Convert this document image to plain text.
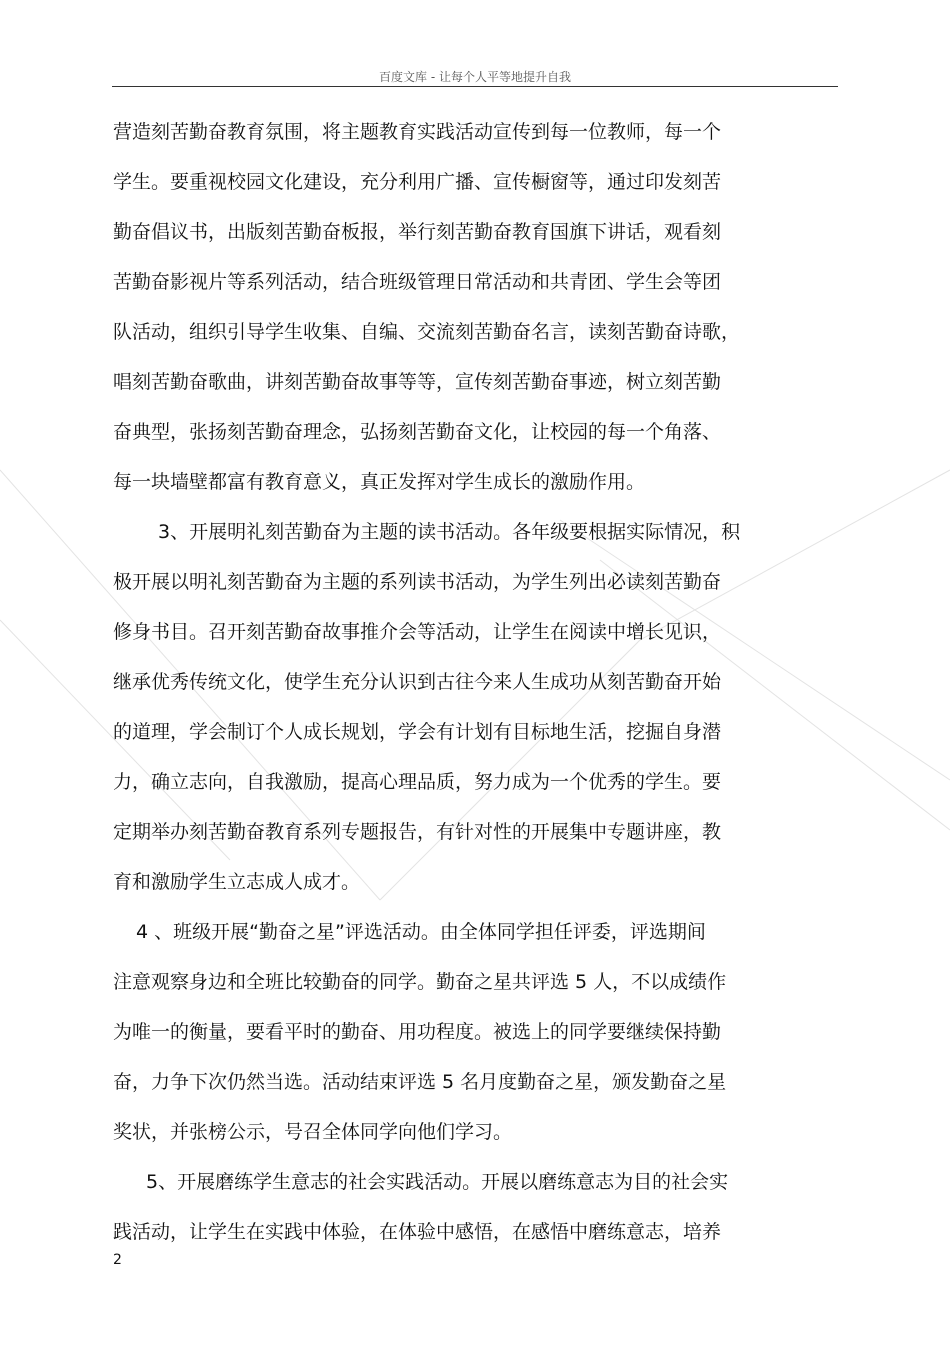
百度文库 - 让每个人平等地提升自我
营造刻苦勤奋教育氛围，将主题教育实践活动宣传到每一位教师，每一个
学生。要重视校园文化建设，充分利用广播、宣传橱窗等，通过印发刻苦
勤奋倡议书，出版刻苦勤奋板报，举行刻苦勤奋教育国旗下讲话，观看刻
苦勤奋影视片等系列活动，结合班级管理日常活动和共青团、学生会等团
队活动，组织引导学生收集、自编、交流刻苦勤奋名言，读刻苦勤奋诗歌，
唱刻苦勤奋歌曲，讲刻苦勤奋故事等等，宣传刻苦勤奋事迹，树立刻苦勤
奋典型，张扬刻苦勤奋理念，弘扬刻苦勤奋文化，让校园的每一个角落、
每一块墙壁都富有教育意义，真正发挥对学生成长的激励作用。
3、开展明礼刻苦勤奋为主题的读书活动。各年级要根据实际情况，积
极开展以明礼刻苦勤奋为主题的系列读书活动，为学生列出必读刻苦勤奋
修身书目。召开刻苦勤奋故事推介会等活动，让学生在阅读中增长见识，
继承优秀传统文化，使学生充分认识到古往今来人生成功从刻苦勤奋开始
的道理，学会制订个人成长规划，学会有计划有目标地生活，挖掘自身潜
力，确立志向，自我激励，提高心理品质，努力成为一个优秀的学生。要
定期举办刻苦勤奋教育系列专题报告，有针对性的开展集中专题讲座，教
育和激励学生立志成人成才。
4 、班级开展“勤奋之星”评选活动。由全体同学担任评委，评选期间
注意观察身边和全班比较勤奋的同学。勤奋之星共评选 5 人，不以成绩作
为唯一的衡量，要看平时的勤奋、用功程度。被选上的同学要继续保持勤
奋，力争下次仍然当选。活动结束评选 5 名月度勤奋之星，颁发勤奋之星
奖状，并张榜公示，号召全体同学向他们学习。
5、开展磨练学生意志的社会实践活动。开展以磨练意志为目的社会实
践活动，让学生在实践中体验，在体验中感悟，在感悟中磨练意志，培养
2
